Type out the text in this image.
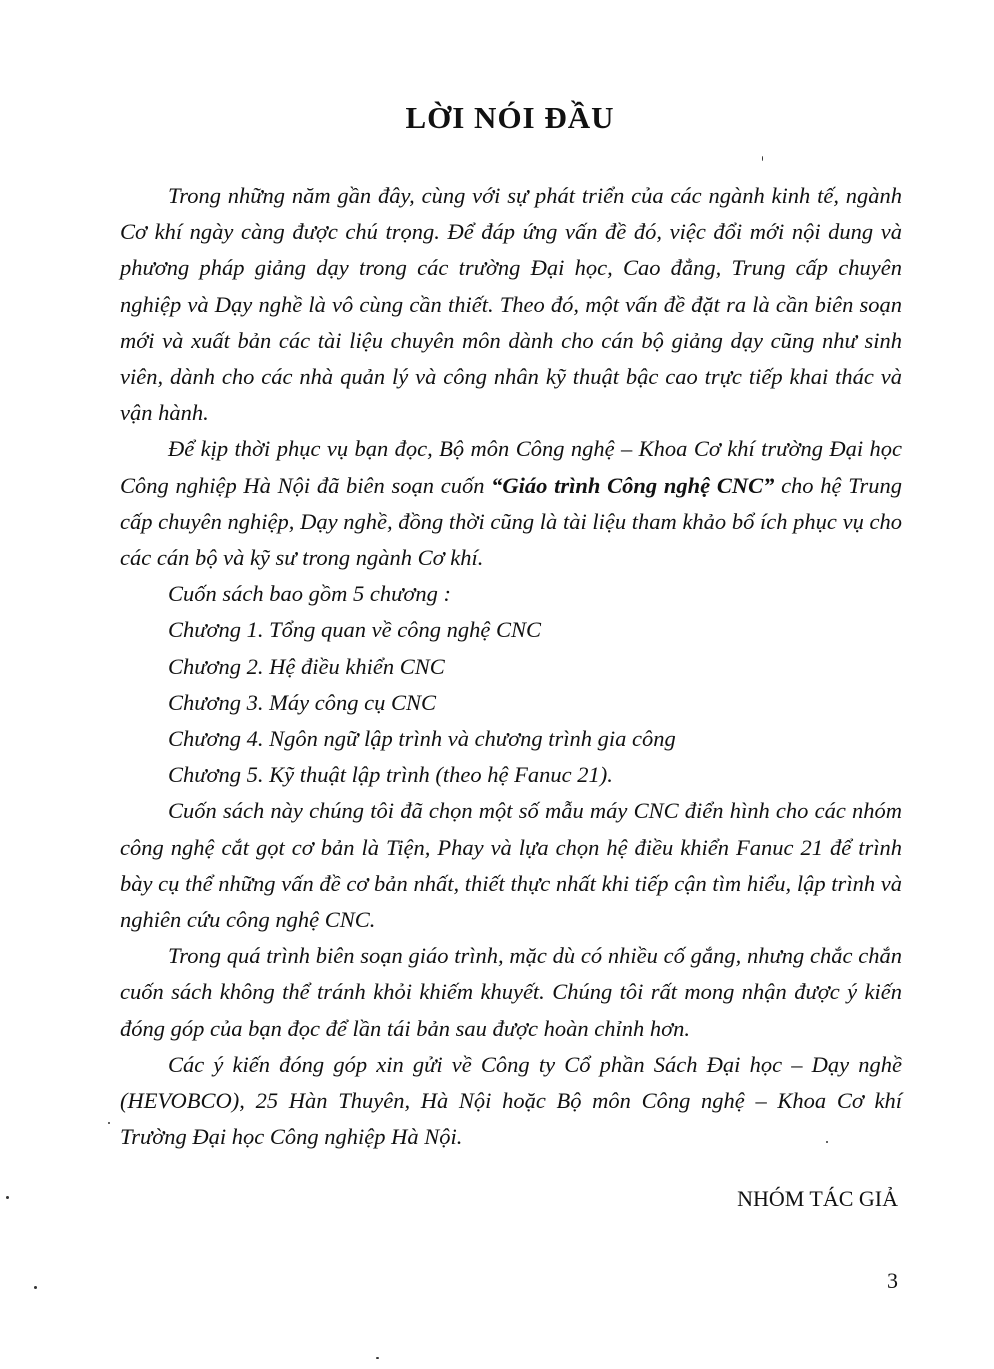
LỜI NÓI ĐẦU

Trong những năm gần đây, cùng với sự phát triển của các ngành kinh tế, ngành Cơ khí ngày càng được chú trọng. Để đáp ứng vấn đề đó, việc đổi mới nội dung và phương pháp giảng dạy trong các trường Đại học, Cao đẳng, Trung cấp chuyên nghiệp và Dạy nghề là vô cùng cần thiết. Theo đó, một vấn đề đặt ra là cần biên soạn mới và xuất bản các tài liệu chuyên môn dành cho cán bộ giảng dạy cũng như sinh viên, dành cho các nhà quản lý và công nhân kỹ thuật bậc cao trực tiếp khai thác và vận hành.

Để kịp thời phục vụ bạn đọc, Bộ môn Công nghệ – Khoa Cơ khí trường Đại học Công nghiệp Hà Nội đã biên soạn cuốn “Giáo trình Công nghệ CNC” cho hệ Trung cấp chuyên nghiệp, Dạy nghề, đồng thời cũng là tài liệu tham khảo bổ ích phục vụ cho các cán bộ và kỹ sư trong ngành Cơ khí.

Cuốn sách bao gồm 5 chương :

Chương 1. Tổng quan về công nghệ CNC

Chương 2. Hệ điều khiển CNC

Chương 3. Máy công cụ CNC

Chương 4. Ngôn ngữ lập trình và chương trình gia công

Chương 5. Kỹ thuật lập trình (theo hệ Fanuc 21).

Cuốn sách này chúng tôi đã chọn một số mẫu máy CNC điển hình cho các nhóm công nghệ cắt gọt cơ bản là Tiện, Phay và lựa chọn hệ điều khiển Fanuc 21 để trình bày cụ thể những vấn đề cơ bản nhất, thiết thực nhất khi tiếp cận tìm hiểu, lập trình và nghiên cứu công nghệ CNC.

Trong quá trình biên soạn giáo trình, mặc dù có nhiều cố gắng, nhưng chắc chắn cuốn sách không thể tránh khỏi khiếm khuyết. Chúng tôi rất mong nhận được ý kiến đóng góp của bạn đọc để lần tái bản sau được hoàn chỉnh hơn.

Các ý kiến đóng góp xin gửi về Công ty Cổ phần Sách Đại học – Dạy nghề (HEVOBCO), 25 Hàn Thuyên, Hà Nội hoặc Bộ môn Công nghệ – Khoa Cơ khí Trường Đại học Công nghiệp Hà Nội.

NHÓM TÁC GIẢ

3
